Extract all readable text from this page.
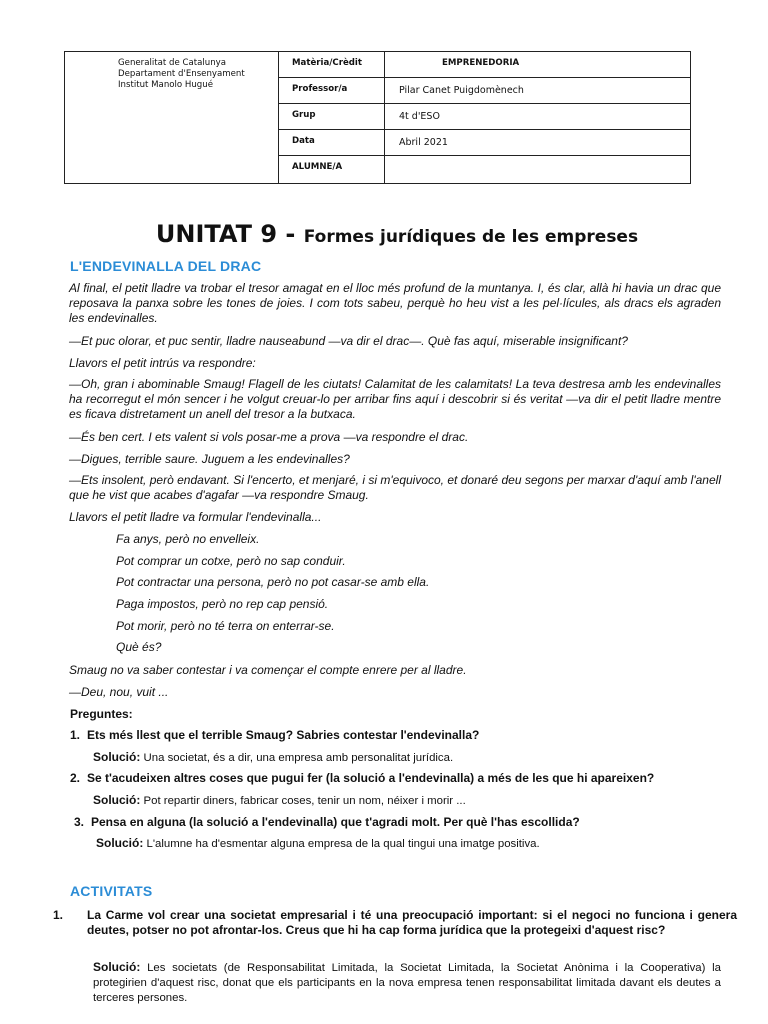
Generalitat de Catalunya
Departament d'Ensenyament
Institut Manolo Hugué
Matèria/Crèdit	EMPRENEDORIA
Professor/a	Pilar Canet Puigdomènech
Grup	4t d'ESO
Data	Abril 2021
ALUMNE/A
UNITAT 9 - Formes jurídiques de les empreses
L'ENDEVINALLA DEL DRAC
Al final, el petit lladre va trobar el tresor amagat en el lloc més profund de la muntanya. I, és clar, allà hi havia un drac que reposava la panxa sobre les tones de joies. I com tots sabeu, perquè ho heu vist a les pel·lícules, als dracs els agraden les endevinalles.
—Et puc olorar, et puc sentir, lladre nauseabund —va dir el drac—. Què fas aquí, miserable insignificant?
Llavors el petit intrús va respondre:
—Oh, gran i abominable Smaug! Flagell de les ciutats! Calamitat de les calamitats! La teva destresa amb les endevinalles ha recorregut el món sencer i he volgut creuar-lo per arribar fins aquí i descobrir si és veritat —va dir el petit lladre mentre es ficava distretament un anell del tresor a la butxaca.
—És ben cert. I ets valent si vols posar-me a prova —va respondre el drac.
—Digues, terrible saure. Juguem a les endevinalles?
—Ets insolent, però endavant. Si l'encerto, et menjaré, i si m'equivoco, et donaré deu segons per marxar d'aquí amb l'anell que he vist que acabes d'agafar —va respondre Smaug.
Llavors el petit lladre va formular l'endevinalla...
Fa anys, però no envelleix.
Pot comprar un cotxe, però no sap conduir.
Pot contractar una persona, però no pot casar-se amb ella.
Paga impostos, però no rep cap pensió.
Pot morir, però no té terra on enterrar-se.
Què és?
Smaug no va saber contestar i va començar el compte enrere per al lladre.
—Deu, nou, vuit ...
Preguntes:
1. Ets més llest que el terrible Smaug? Sabries contestar l'endevinalla?
Solució: Una societat, és a dir, una empresa amb personalitat jurídica.
2. Se t'acudeixen altres coses que pugui fer (la solució a l'endevinalla) a més de les que hi apareixen?
Solució: Pot repartir diners, fabricar coses, tenir un nom, néixer i morir ...
3. Pensa en alguna (la solució a l'endevinalla) que t'agradi molt. Per què l'has escollida?
Solució: L'alumne ha d'esmentar alguna empresa de la qual tingui una imatge positiva.
ACTIVITATS
1. La Carme vol crear una societat empresarial i té una preocupació important: si el negoci no funciona i genera deutes, potser no pot afrontar-los. Creus que hi ha cap forma jurídica que la protegeixi d'aquest risc?
Solució: Les societats (de Responsabilitat Limitada, la Societat Limitada, la Societat Anònima i la Cooperativa) la protegirien d'aquest risc, donat que els participants en la nova empresa tenen responsabilitat limitada davant els deutes a terceres persones.
